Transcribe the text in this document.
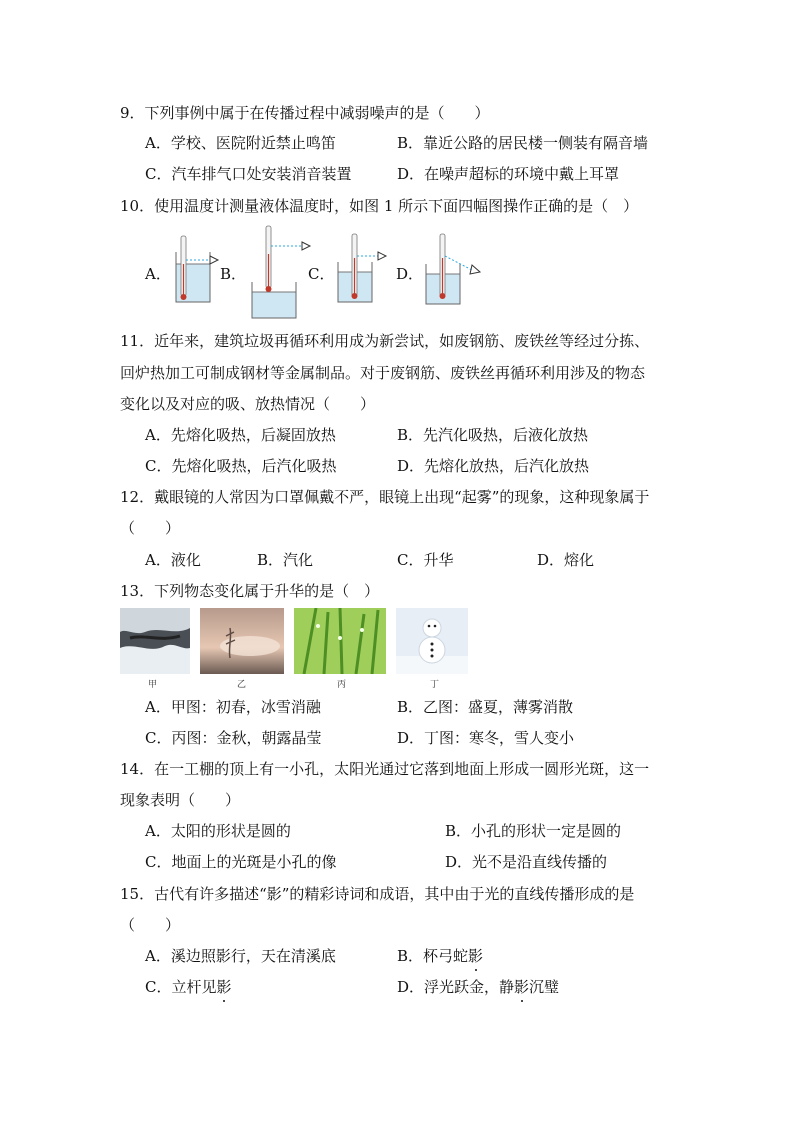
9．下列事例中属于在传播过程中减弱噪声的是（　　）
A．学校、医院附近禁止鸣笛	B．靠近公路的居民楼一侧装有隔音墙
C．汽车排气口处安装消音装置	D．在噪声超标的环境中戴上耳罩
10．使用温度计测量液体温度时，如图 1 所示下面四幅图操作正确的是（　）
A．	B．	C．	D．
11．近年来，建筑垃圾再循环利用成为新尝试，如废钢筋、废铁丝等经过分拣、
回炉热加工可制成钢材等金属制品。对于废钢筋、废铁丝再循环利用涉及的物态
变化以及对应的吸、放热情况（　　）
A．先熔化吸热，后凝固放热	B．先汽化吸热，后液化放热
C．先熔化吸热，后汽化吸热	D．先熔化放热，后汽化放热
12．戴眼镜的人常因为口罩佩戴不严，眼镜上出现“起雾”的现象，这种现象属于
（　　）
A．液化	B．汽化	C．升华	D．熔化
13．下列物态变化属于升华的是（　）
甲	乙	丙	丁
A．甲图：初春，冰雪消融	B．乙图：盛夏，薄雾消散
C．丙图：金秋，朝露晶莹	D．丁图：寒冬，雪人变小
14．在一工棚的顶上有一小孔，太阳光通过它落到地面上形成一圆形光斑，这一
现象表明（　　）
A．太阳的形状是圆的	B．小孔的形状一定是圆的
C．地面上的光斑是小孔的像	D．光不是沿直线传播的
15．古代有许多描述“影”的精彩诗词和成语，其中由于光的直线传播形成的是
（　　）
A．溪边照影行，天在清溪底	B．杯弓蛇影
C．立杆见影	D．浮光跃金，静影沉璧
